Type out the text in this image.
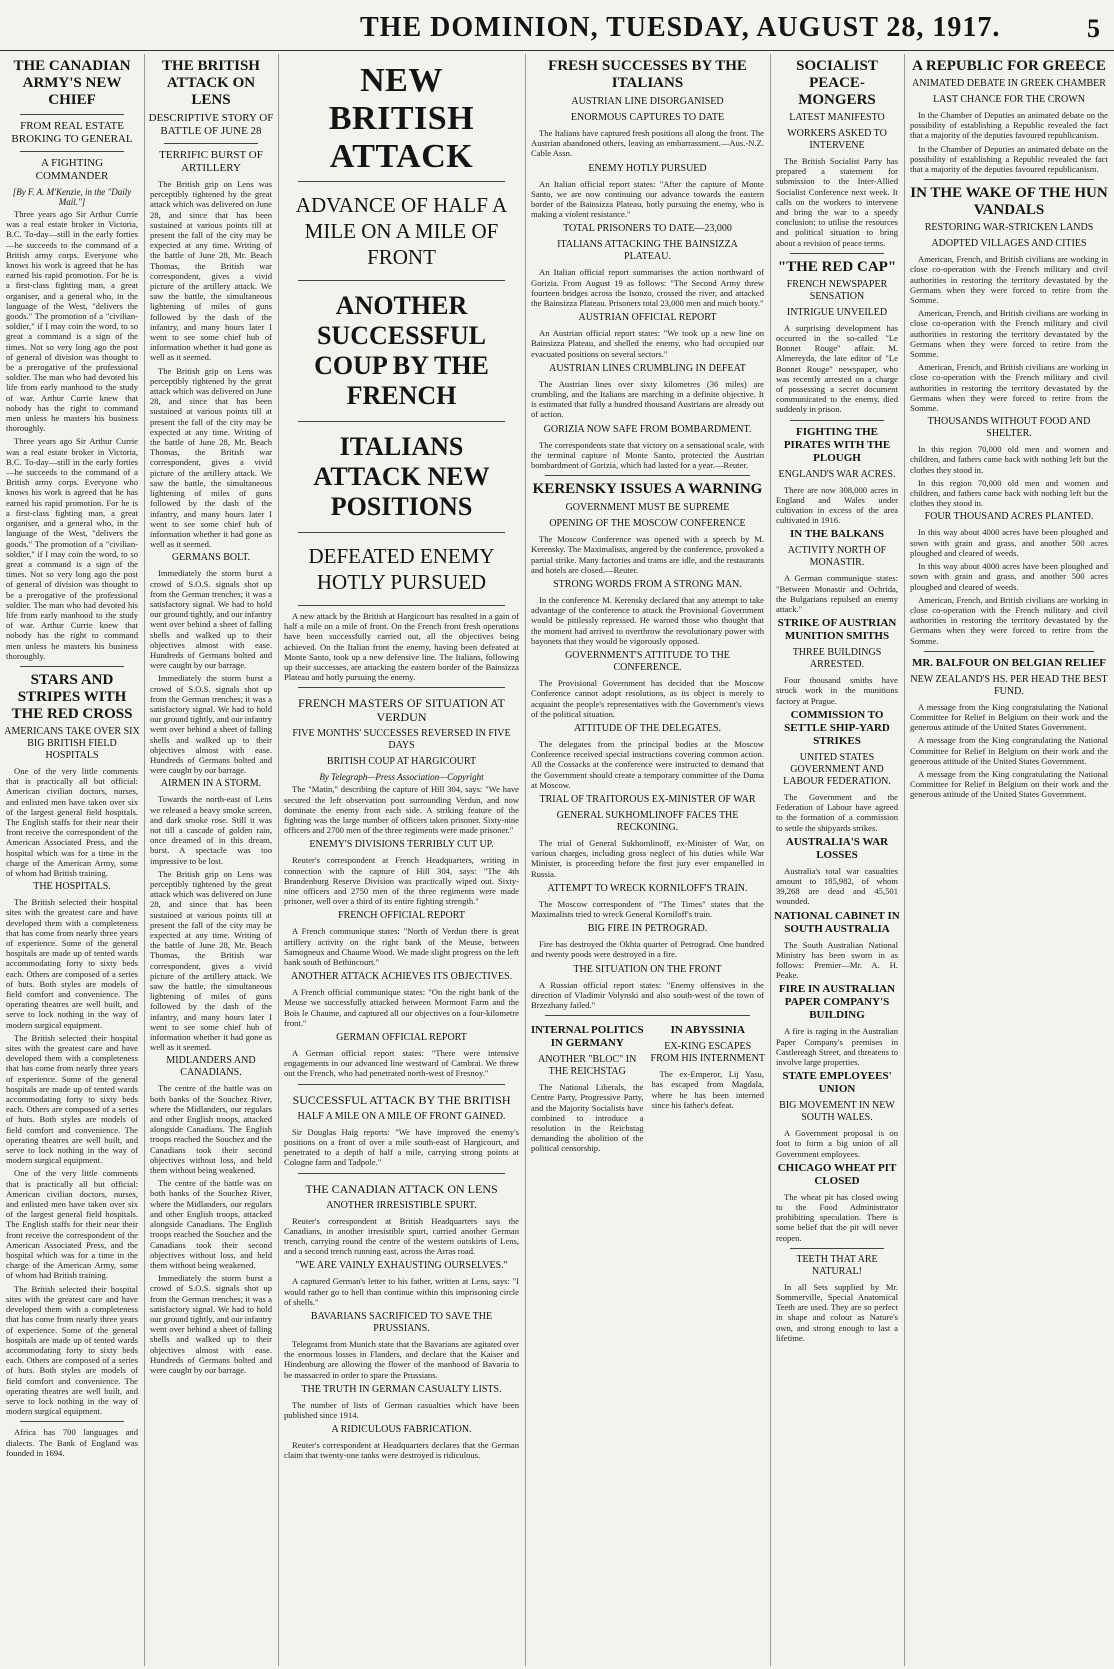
THE DOMINION, TUESDAY, AUGUST 28, 1917.	5
THE CANADIAN ARMY'S NEW CHIEF
FROM REAL ESTATE BROKING TO GENERAL
A FIGHTING COMMANDER
[By F. A. M'Kenzie, in the "Daily Mail."]
Three years ago Sir Arthur Currie was a real estate broker in Victoria, B.C. To-day—still in the early forties—he succeeds to the command of a British army corps. Everyone who knows his work is agreed that he has earned his rapid promotion. For he is a first-class fighting man, a great organiser, and a general who, in the language of the West, "delivers the goods." The promotion of a "civilian-soldier," if I may coin the word, to so great a command is a sign of the times. Not so very long ago the post of general of division was thought to be a prerogative of the professional soldier. The man who had devoted his life from early manhood to the study of war. Arthur Currie knew that nobody has the right to command men unless he masters his business thoroughly.
Three years ago Sir Arthur Currie was a real estate broker in Victoria, B.C. To-day—still in the early forties—he succeeds to the command of a British army corps. Everyone who knows his work is agreed that he has earned his rapid promotion. For he is a first-class fighting man, a great organiser, and a general who, in the language of the West, "delivers the goods." The promotion of a "civilian-soldier," if I may coin the word, to so great a command is a sign of the times. Not so very long ago the post of general of division was thought to be a prerogative of the professional soldier. The man who had devoted his life from early manhood to the study of war. Arthur Currie knew that nobody has the right to command men unless he masters his business thoroughly.
STARS AND STRIPES WITH THE RED CROSS
AMERICANS TAKE OVER SIX BIG BRITISH FIELD HOSPITALS
One of the very little comments that is practically all but official: American civilian doctors, nurses, and enlisted men have taken over six of the largest general field hospitals. The English staffs for their near their front receive the correspondent of the American Associated Press, and the hospital which was for a time in the charge of the American Army, some of whom had British training.
THE HOSPITALS.
The British selected their hospital sites with the greatest care and have developed them with a completeness that has come from nearly three years of experience. Some of the general hospitals are made up of tented wards accommodating forty to sixty beds each. Others are composed of a series of huts. Both styles are models of field comfort and convenience. The operating theatres are well built, and serve to lock nothing in the way of modern surgical equipment.
The British selected their hospital sites with the greatest care and have developed them with a completeness that has come from nearly three years of experience. Some of the general hospitals are made up of tented wards accommodating forty to sixty beds each. Others are composed of a series of huts. Both styles are models of field comfort and convenience. The operating theatres are well built, and serve to lock nothing in the way of modern surgical equipment.
One of the very little comments that is practically all but official: American civilian doctors, nurses, and enlisted men have taken over six of the largest general field hospitals. The English staffs for their near their front receive the correspondent of the American Associated Press, and the hospital which was for a time in the charge of the American Army, some of whom had British training.
The British selected their hospital sites with the greatest care and have developed them with a completeness that has come from nearly three years of experience. Some of the general hospitals are made up of tented wards accommodating forty to sixty beds each. Others are composed of a series of huts. Both styles are models of field comfort and convenience. The operating theatres are well built, and serve to lock nothing in the way of modern surgical equipment.
Africa has 700 languages and dialects. The Bank of England was founded in 1694.
THE BRITISH ATTACK ON LENS
DESCRIPTIVE STORY OF BATTLE OF JUNE 28
TERRIFIC BURST OF ARTILLERY
The British grip on Lens was perceptibly tightened by the great attack which was delivered on June 28, and since that has been sustained at various points till at present the fall of the city may be expected at any time. Writing of the battle of June 28, Mr. Beach Thomas, the British war correspondent, gives a vivid picture of the artillery attack. We saw the battle, the simultaneous lightening of miles of guns followed by the dash of the infantry, and many hours later I went to see some chief hub of information whether it had gone as well as it seemed.
The British grip on Lens was perceptibly tightened by the great attack which was delivered on June 28, and since that has been sustained at various points till at present the fall of the city may be expected at any time. Writing of the battle of June 28, Mr. Beach Thomas, the British war correspondent, gives a vivid picture of the artillery attack. We saw the battle, the simultaneous lightening of miles of guns followed by the dash of the infantry, and many hours later I went to see some chief hub of information whether it had gone as well as it seemed.
GERMANS BOLT.
Immediately the storm burst a crowd of S.O.S. signals shot up from the German trenches; it was a satisfactory signal. We had to hold our ground tightly, and our infantry went over behind a sheet of falling shells and walked up to their objectives almost with ease. Hundreds of Germans bolted and were caught by our barrage.
Immediately the storm burst a crowd of S.O.S. signals shot up from the German trenches; it was a satisfactory signal. We had to hold our ground tightly, and our infantry went over behind a sheet of falling shells and walked up to their objectives almost with ease. Hundreds of Germans bolted and were caught by our barrage.
AIRMEN IN A STORM.
Towards the north-east of Lens we released a heavy smoke screen, and dark smoke rose. Still it was not till a cascade of golden rain, once dreamed of in this dream, burst. A spectacle was too impressive to be lost.
The British grip on Lens was perceptibly tightened by the great attack which was delivered on June 28, and since that has been sustained at various points till at present the fall of the city may be expected at any time. Writing of the battle of June 28, Mr. Beach Thomas, the British war correspondent, gives a vivid picture of the artillery attack. We saw the battle, the simultaneous lightening of miles of guns followed by the dash of the infantry, and many hours later I went to see some chief hub of information whether it had gone as well as it seemed.
MIDLANDERS AND CANADIANS.
The centre of the battle was on both banks of the Souchez River, where the Midlanders, our regulars and other English troops, attacked alongside Canadians. The English troops reached the Souchez and the Canadians took their second objectives without loss, and held them without being weakened.
The centre of the battle was on both banks of the Souchez River, where the Midlanders, our regulars and other English troops, attacked alongside Canadians. The English troops reached the Souchez and the Canadians took their second objectives without loss, and held them without being weakened.
Immediately the storm burst a crowd of S.O.S. signals shot up from the German trenches; it was a satisfactory signal. We had to hold our ground tightly, and our infantry went over behind a sheet of falling shells and walked up to their objectives almost with ease. Hundreds of Germans bolted and were caught by our barrage.
NEW BRITISH ATTACK
ADVANCE OF HALF A MILE ON A MILE OF FRONT
ANOTHER SUCCESSFUL COUP BY THE FRENCH
ITALIANS ATTACK NEW POSITIONS
DEFEATED ENEMY HOTLY PURSUED
A new attack by the British at Hargicourt has resulted in a gain of half a mile on a mile of front. On the French front fresh operations have been successfully carried out, all the objectives being achieved. On the Italian front the enemy, having been defeated at Monte Santo, took up a new defensive line. The Italians, following up their successes, are attacking the eastern border of the Bainsizza Plateau and hotly pursuing the enemy.
FRENCH MASTERS OF SITUATION AT VERDUN
FIVE MONTHS' SUCCESSES REVERSED IN FIVE DAYS
BRITISH COUP AT HARGICOURT
By Telegraph—Press Association—Copyright
The "Matin," describing the capture of Hill 304, says: "We have secured the left observation post surrounding Verdun, and now dominate the enemy front each side. A striking feature of the fighting was the large number of officers taken prisoner. Sixty-nine officers and 2700 men of the three regiments were made prisoner."
ENEMY'S DIVISIONS TERRIBLY CUT UP.
Reuter's correspondent at French Headquarters, writing in connection with the capture of Hill 304, says: "The 4th Brandenburg Reserve Division was practically wiped out. Sixty-nine officers and 2750 men of the three regiments were made prisoner, well over a third of its entire fighting strength."
FRENCH OFFICIAL REPORT
A French communique states: "North of Verdun there is great artillery activity on the right bank of the Meuse, between Samogneux and Chaume Wood. We made slight progress on the left bank south of Bethincourt."
ANOTHER ATTACK ACHIEVES ITS OBJECTIVES.
A French official communique states: "On the right bank of the Meuse we successfully attacked between Mormont Farm and the Bois le Chaume, and captured all our objectives on a four-kilometre front."
GERMAN OFFICIAL REPORT
A German official report states: "There were intensive engagements in our advanced line westward of Cambrai. We threw out the French, who had penetrated north-west of Fresnoy."
SUCCESSFUL ATTACK BY THE BRITISH
HALF A MILE ON A MILE OF FRONT GAINED.
Sir Douglas Haig reports: "We have improved the enemy's positions on a front of over a mile south-east of Hargicourt, and penetrated to a depth of half a mile, carrying strong points at Cologne farm and Tadpole."
THE CANADIAN ATTACK ON LENS
ANOTHER IRRESISTIBLE SPURT.
Reuter's correspondent at British Headquarters says the Canadians, in another irresistible spurt, carried another German trench, carrying round the centre of the western outskirts of Lens, and a second trench running east, across the Arras road.
"WE ARE VAINLY EXHAUSTING OURSELVES."
A captured German's letter to his father, written at Lens, says: "I would rather go to hell than continue within this imprisoning circle of shells."
BAVARIANS SACRIFICED TO SAVE THE PRUSSIANS.
Telegrams from Munich state that the Bavarians are agitated over the enormous losses in Flanders, and declare that the Kaiser and Hindenburg are allowing the flower of the manhood of Bavaria to be massacred in order to spare the Prussians.
THE TRUTH IN GERMAN CASUALTY LISTS.
The number of lists of German casualties which have been published since 1914.
A RIDICULOUS FABRICATION.
Reuter's correspondent at Headquarters declares that the German claim that twenty-one tanks were destroyed is ridiculous.
FRESH SUCCESSES BY THE ITALIANS
AUSTRIAN LINE DISORGANISED
ENORMOUS CAPTURES TO DATE
The Italians have captured fresh positions all along the front. The Austrian abandoned others, leaving an embarrassment.—Aus.-N.Z. Cable Assn.
ENEMY HOTLY PURSUED
An Italian official report states: "After the capture of Monte Santo, we are now continuing our advance towards the eastern border of the Bainsizza Plateau, hotly pursuing the enemy, who is making a violent resistance."
TOTAL PRISONERS TO DATE—23,000
ITALIANS ATTACKING THE BAINSIZZA PLATEAU.
An Italian official report summarises the action northward of Gorizia. From August 19 as follows: "The Second Army threw fourteen bridges across the Isonzo, crossed the river, and attacked the Bainsizza Plateau. Prisoners total 23,000 men and much booty."
AUSTRIAN OFFICIAL REPORT
An Austrian official report states: "We took up a new line on Bainsizza Plateau, and shelled the enemy, who had occupied our evacuated positions on several sectors."
AUSTRIAN LINES CRUMBLING IN DEFEAT
The Austrian lines over sixty kilometres (36 miles) are crumbling, and the Italians are marching in a definite objective. It is estimated that fully a hundred thousand Austrians are already out of action.
GORIZIA NOW SAFE FROM BOMBARDMENT.
The correspondents state that victory on a sensational scale, with the terminal capture of Monte Santo, protected the Austrian bombardment of Gorizia, which had lasted for a year.—Reuter.
KERENSKY ISSUES A WARNING
GOVERNMENT MUST BE SUPREME
OPENING OF THE MOSCOW CONFERENCE
The Moscow Conference was opened with a speech by M. Kerensky. The Maximalists, angered by the conference, provoked a partial strike. Many factories and trams are idle, and the restaurants and hotels are closed.—Reuter.
STRONG WORDS FROM A STRONG MAN.
In the conference M. Kerensky declared that any attempt to take advantage of the conference to attack the Provisional Government would be pitilessly repressed. He warned those who thought that the moment had arrived to overthrow the revolutionary power with bayonets that they would be vigorously opposed.
GOVERNMENT'S ATTITUDE TO THE CONFERENCE.
The Provisional Government has decided that the Moscow Conference cannot adopt resolutions, as its object is merely to acquaint the people's representatives with the Government's views of the political situation.
ATTITUDE OF THE DELEGATES.
The delegates from the principal bodies at the Moscow Conference received special instructions covering common action. All the Cossacks at the conference were instructed to demand that the Government should create a temporary committee of the Duma at Moscow.
TRIAL OF TRAITOROUS EX-MINISTER OF WAR
GENERAL SUKHOMLINOFF FACES THE RECKONING.
The trial of General Sukhomlinoff, ex-Minister of War, on various charges, including gross neglect of his duties while War Minister, is proceeding before the first jury ever empanelled in Russia.
ATTEMPT TO WRECK KORNILOFF'S TRAIN.
The Moscow correspondent of "The Times" states that the Maximalists tried to wreck General Korniloff's train.
BIG FIRE IN PETROGRAD.
Fire has destroyed the Okhta quarter of Petrograd. One hundred and twenty poods were destroyed in a fire.
THE SITUATION ON THE FRONT
A Russian official report states: "Enemy offensives in the direction of Vladimir Volynski and also south-west of the town of Brzezhany failed."
INTERNAL POLITICS IN GERMANY
ANOTHER "BLOC" IN THE REICHSTAG
The National Liberals, the Centre Party, Progressive Party, and the Majority Socialists have combined to introduce a resolution in the Reichstag demanding the abolition of the political censorship.
IN ABYSSINIA
EX-KING ESCAPES FROM HIS INTERNMENT
The ex-Emperor, Lij Yasu, has escaped from Magdala, where he has been interned since his father's defeat.
SOCIALIST PEACE-MONGERS
LATEST MANIFESTO
WORKERS ASKED TO INTERVENE
The British Socialist Party has prepared a statement for submission to the Inter-Allied Socialist Conference next week. It calls on the workers to intervene and bring the war to a speedy conclusion; to utilise the resources and political situation to bring about a revision of peace terms.
"THE RED CAP"
FRENCH NEWSPAPER SENSATION
INTRIGUE UNVEILED
A surprising development has occurred in the so-called "Le Bonnet Rouge" affair. M. Almereyda, the late editor of "Le Bonnet Rouge" newspaper, who was recently arrested on a charge of possessing a secret document communicated to the enemy, died suddenly in prison.
FIGHTING THE PIRATES WITH THE PLOUGH
ENGLAND'S WAR ACRES.
There are now 308,000 acres in England and Wales under cultivation in excess of the area cultivated in 1916.
IN THE BALKANS
ACTIVITY NORTH OF MONASTIR.
A German communique states: "Between Monastir and Ochrida, the Bulgarians repulsed an enemy attack."
STRIKE OF AUSTRIAN MUNITION SMITHS
THREE BUILDINGS ARRESTED.
Four thousand smiths have struck work in the munitions factory at Prague.
COMMISSION TO SETTLE SHIP-YARD STRIKES
UNITED STATES GOVERNMENT AND LABOUR FEDERATION.
The Government and the Federation of Labour have agreed to the formation of a commission to settle the shipyards strikes.
AUSTRALIA'S WAR LOSSES
Australia's total war casualties amount to 185,982, of whom 39,268 are dead and 45,501 wounded.
NATIONAL CABINET IN SOUTH AUSTRALIA
The South Australian National Ministry has been sworn in as follows: Premier—Mr. A. H. Peake.
FIRE IN AUSTRALIAN PAPER COMPANY'S BUILDING
A fire is raging in the Australian Paper Company's premises in Castlereagh Street, and threatens to involve large properties.
STATE EMPLOYEES' UNION
BIG MOVEMENT IN NEW SOUTH WALES.
A Government proposal is on foot to form a big union of all Government employees.
CHICAGO WHEAT PIT CLOSED
The wheat pit has closed owing to the Food Administrator prohibiting speculation. There is some belief that the pit will never reopen.
TEETH THAT ARE NATURAL!
In all Sets supplied by Mr. Sommerville, Special Anatomical Teeth are used. They are so perfect in shape and colour as Nature's own, and strong enough to last a lifetime.
A REPUBLIC FOR GREECE
ANIMATED DEBATE IN GREEK CHAMBER
LAST CHANCE FOR THE CROWN
In the Chamber of Deputies an animated debate on the possibility of establishing a Republic revealed the fact that a majority of the deputies favoured republicanism.
In the Chamber of Deputies an animated debate on the possibility of establishing a Republic revealed the fact that a majority of the deputies favoured republicanism.
IN THE WAKE OF THE HUN VANDALS
RESTORING WAR-STRICKEN LANDS
ADOPTED VILLAGES AND CITIES
American, French, and British civilians are working in close co-operation with the French military and civil authorities in restoring the territory devastated by the Germans when they were forced to retire from the Somme.
American, French, and British civilians are working in close co-operation with the French military and civil authorities in restoring the territory devastated by the Germans when they were forced to retire from the Somme.
American, French, and British civilians are working in close co-operation with the French military and civil authorities in restoring the territory devastated by the Germans when they were forced to retire from the Somme.
THOUSANDS WITHOUT FOOD AND SHELTER.
In this region 70,000 old men and women and children, and fathers came back with nothing left but the clothes they stood in.
In this region 70,000 old men and women and children, and fathers came back with nothing left but the clothes they stood in.
FOUR THOUSAND ACRES PLANTED.
In this way about 4000 acres have been ploughed and sown with grain and grass, and another 500 acres ploughed and cleared of weeds.
In this way about 4000 acres have been ploughed and sown with grain and grass, and another 500 acres ploughed and cleared of weeds.
American, French, and British civilians are working in close co-operation with the French military and civil authorities in restoring the territory devastated by the Germans when they were forced to retire from the Somme.
MR. BALFOUR ON BELGIAN RELIEF
NEW ZEALAND'S HS. PER HEAD THE BEST FUND.
A message from the King congratulating the National Committee for Relief in Belgium on their work and the generous attitude of the United States Government.
A message from the King congratulating the National Committee for Relief in Belgium on their work and the generous attitude of the United States Government.
A message from the King congratulating the National Committee for Relief in Belgium on their work and the generous attitude of the United States Government.
